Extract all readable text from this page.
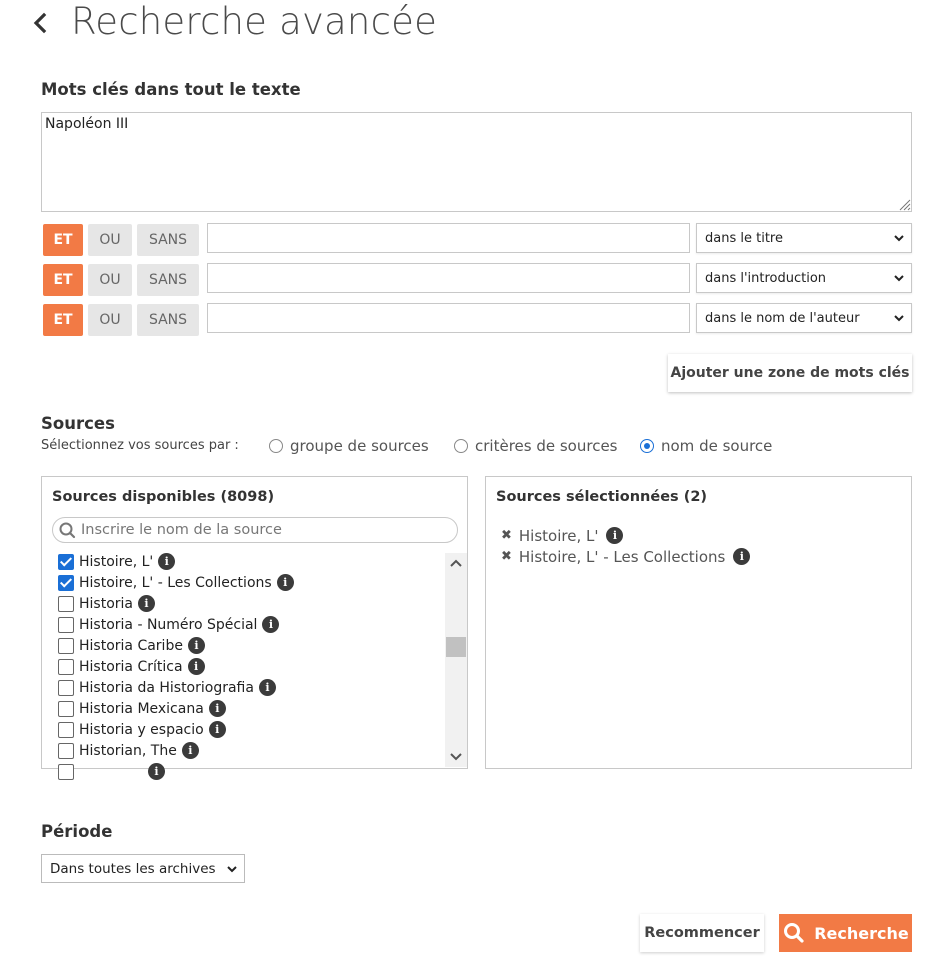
Recherche avancée
Mots clés dans tout le texte
Napoléon III
ET	OU	SANS	dans le titre
ET	OU	SANS	dans l'introduction
ET	OU	SANS	dans le nom de l'auteur
Ajouter une zone de mots clés
Sources
Sélectionnez vos sources par :	groupe de sources	critères de sources	nom de source
Sources disponibles (8098)
Inscrire le nom de la source
Histoire, L'	i
Histoire, L' - Les Collections	i
Historia	i
Historia - Numéro Spécial	i
Historia Caribe	i
Historia Crítica	i
Historia da Historiografia	i
Historia Mexicana	i
Historia y espacio	i
Historian, The	i
i
Sources sélectionnées (2)
✖ Histoire, L'	i
✖ Histoire, L' - Les Collections	i
Période
Dans toutes les archives
Recommencer	Recherche
